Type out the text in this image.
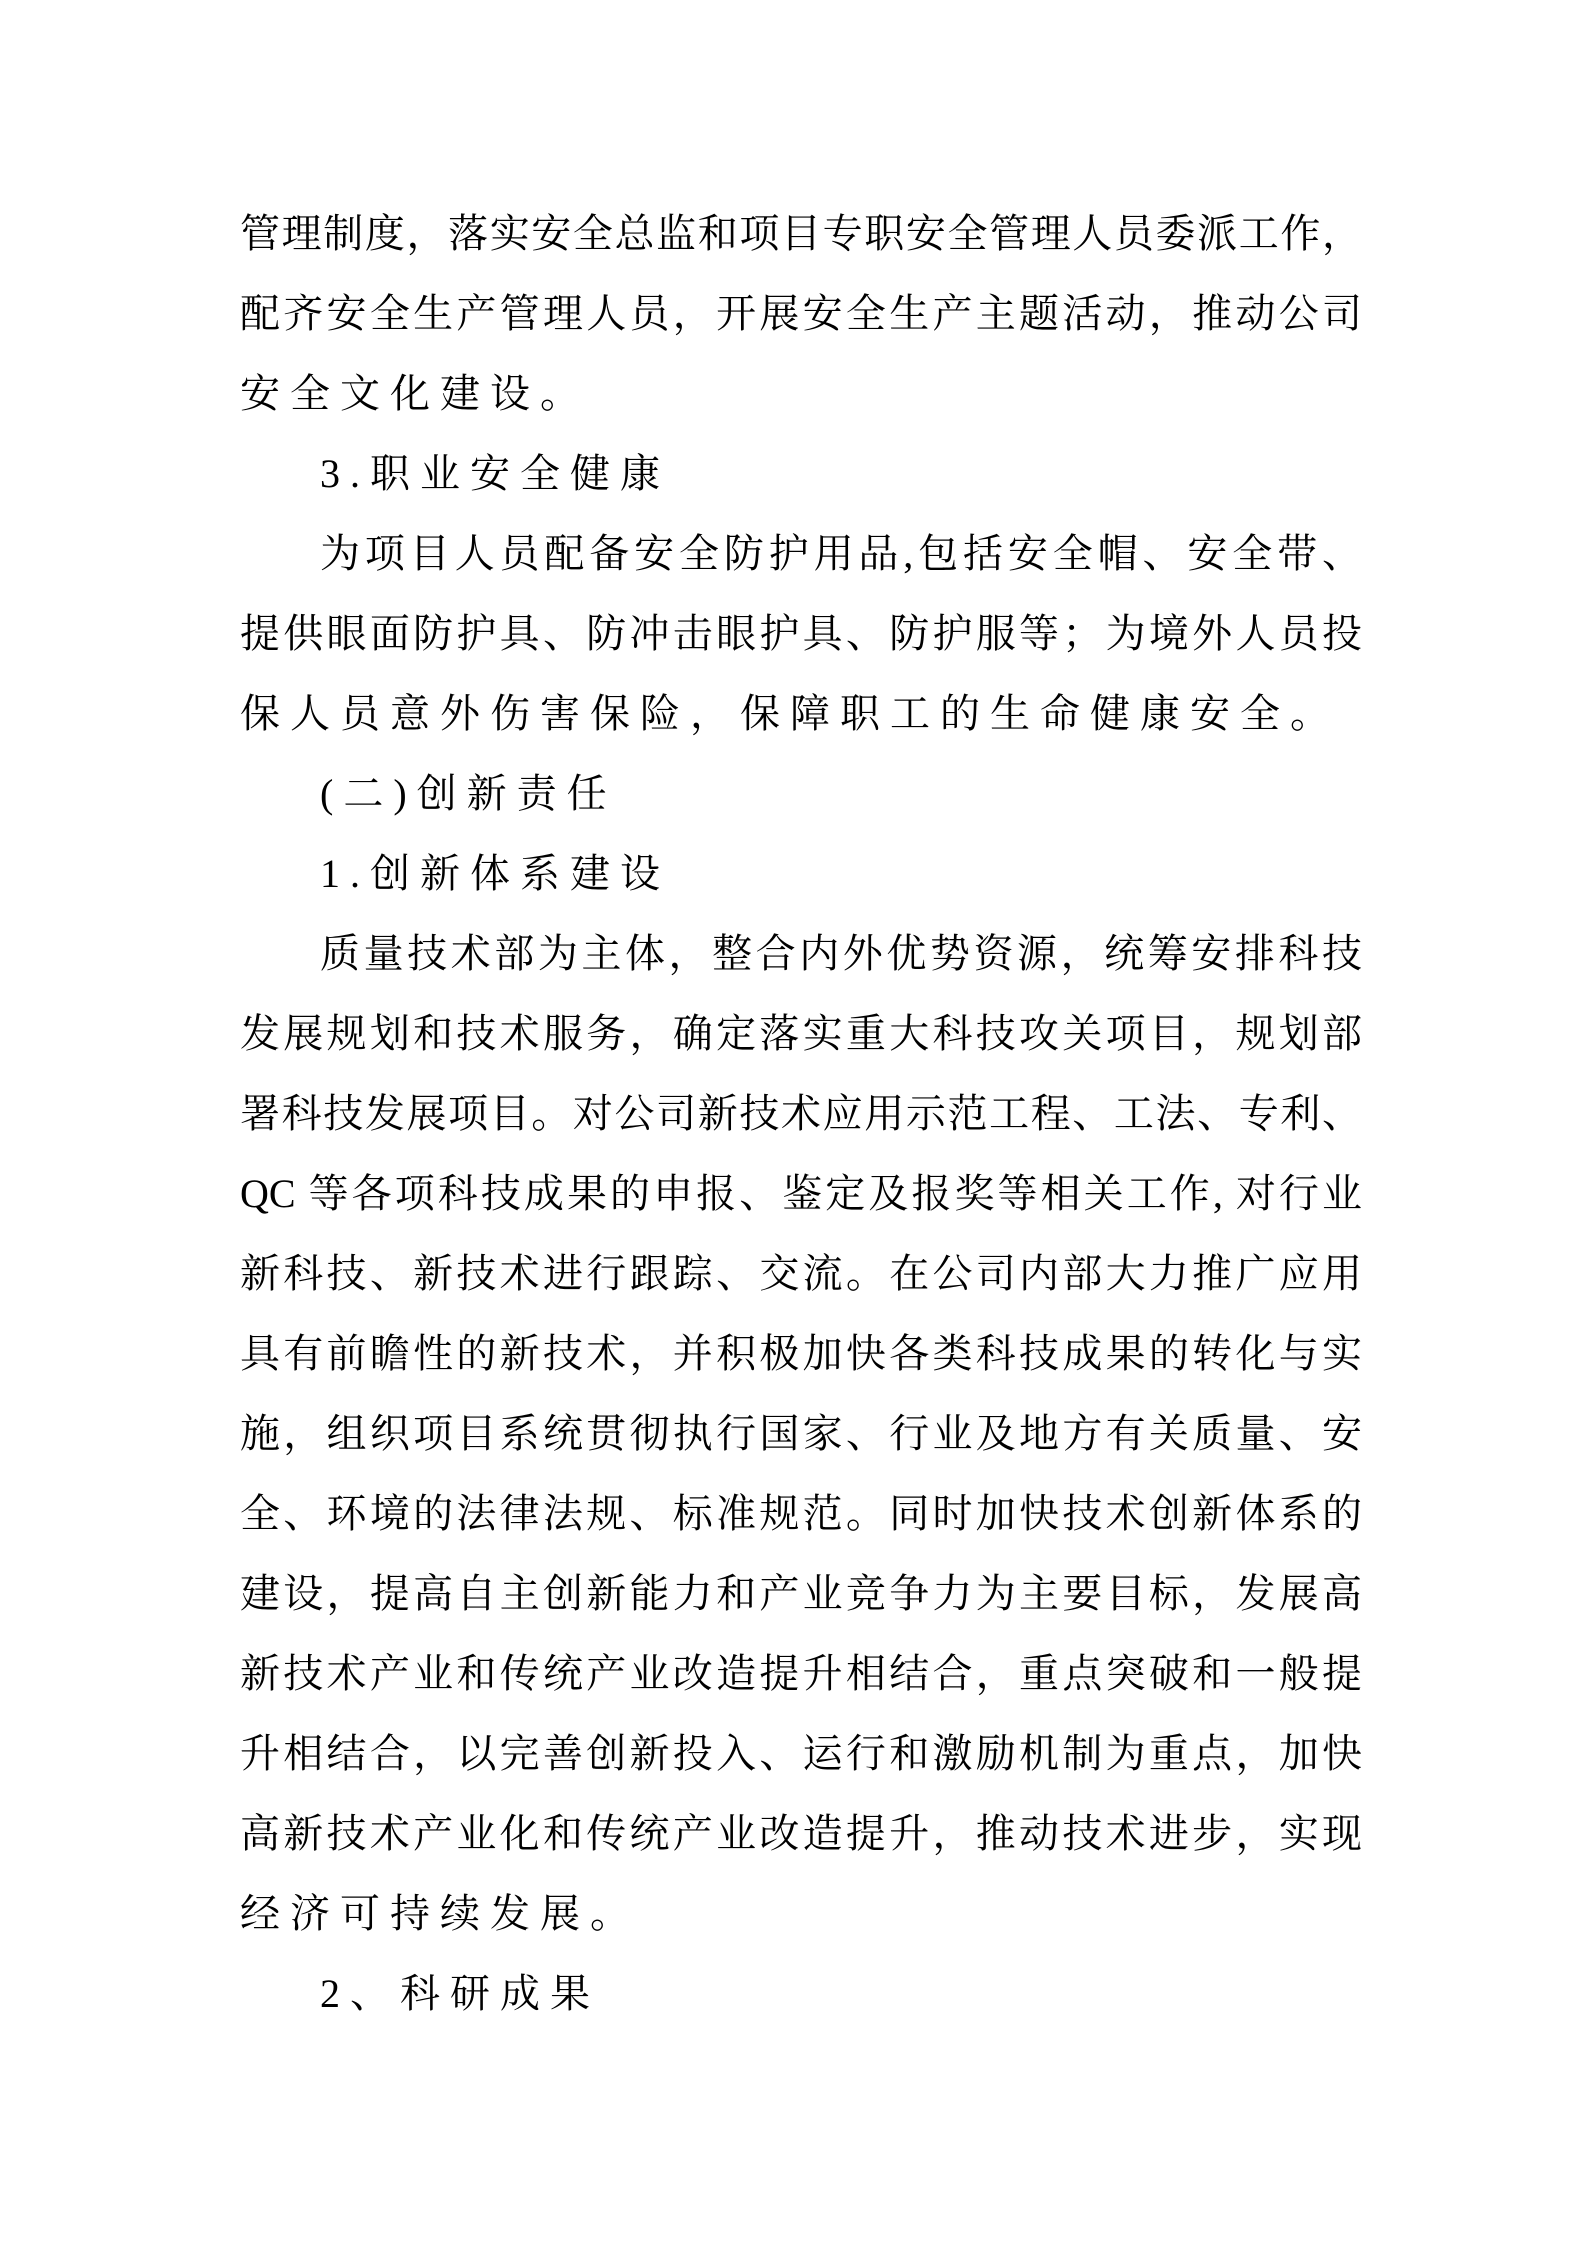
管理制度，落实安全总监和项目专职安全管理人员委派工作，
配齐安全生产管理人员，开展安全生产主题活动，推动公司
安全文化建设。
3.职业安全健康
为项目人员配备安全防护用品,包括安全帽、安全带、
提供眼面防护具、防冲击眼护具、防护服等；为境外人员投
保人员意外伤害保险，保障职工的生命健康安全。
(二)创新责任
1.创新体系建设
质量技术部为主体，整合内外优势资源，统筹安排科技
发展规划和技术服务，确定落实重大科技攻关项目，规划部
署科技发展项目。对公司新技术应用示范工程、工法、专利、
QC 等各项科技成果的申报、鉴定及报奖等相关工作, 对行业
新科技、新技术进行跟踪、交流。在公司内部大力推广应用
具有前瞻性的新技术，并积极加快各类科技成果的转化与实
施，组织项目系统贯彻执行国家、行业及地方有关质量、安
全、环境的法律法规、标准规范。同时加快技术创新体系的
建设，提高自主创新能力和产业竞争力为主要目标，发展高
新技术产业和传统产业改造提升相结合，重点突破和一般提
升相结合，以完善创新投入、运行和激励机制为重点，加快
高新技术产业化和传统产业改造提升，推动技术进步，实现
经济可持续发展。
2、科研成果
